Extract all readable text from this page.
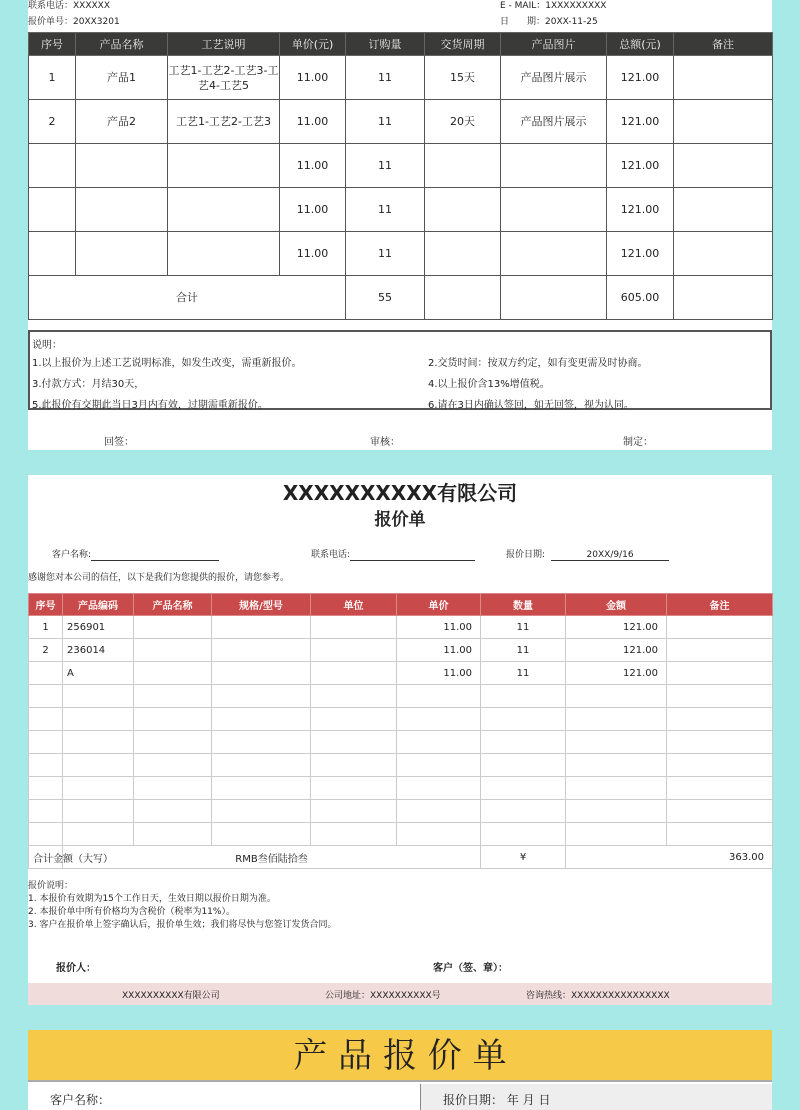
联系电话：XXXXXX	E - MAIL：1XXXXXXXXX
报价单号：20XX3201	日　　期：20XX-11-25
序号	产品名称	工艺说明	单价(元)	订购量	交货周期	产品图片	总额(元)	备注
1	产品1	工艺1-工艺2-工艺3-工艺4-工艺5	11.00	11	15天	产品图片展示	121.00	
2	产品2	工艺1-工艺2-工艺3	11.00	11	20天	产品图片展示	121.00	
			11.00	11			121.00	
			11.00	11			121.00	
			11.00	11			121.00	
合计				55			605.00	
说明：
1.以上报价为上述工艺说明标准，如发生改变，需重新报价。	2.交货时间：按双方约定，如有变更需及时协商。
3.付款方式：月结30天，	4.以上报价含13%增值税。
5.此报价有交期此当日3月内有效，过期需重新报价。	6.请在3日内确认签回，如无回签，视为认同。
回签：	审核：	制定：
XXXXXXXXXX有限公司
报价单
客户名称:	联系电话:	报价日期:	20XX/9/16
感谢您对本公司的信任，以下是我们为您提供的报价，请您参考。
序号	产品编码	产品名称	规格/型号	单位	单价	数量	金额	备注
1	256901				11.00	11	121.00	
2	236014				11.00	11	121.00	
	A				11.00	11	121.00	

合计金额（大写）	RMB叁佰陆拾叁					¥	363.00	
报价说明：
1. 本报价有效期为15个工作日天，生效日期以报价日期为准。
2. 本报价单中所有价格均为含税价（税率为11%）。
3. 客户在报价单上签字确认后，报价单生效；我们将尽快与您签订发货合同。
报价人：	客户（签、章）：
XXXXXXXXXX有限公司	公司地址：XXXXXXXXXX号	咨询热线：XXXXXXXXXXXXXXXX
产 品 报 价 单
客户名称：	报价日期： 年 月 日
